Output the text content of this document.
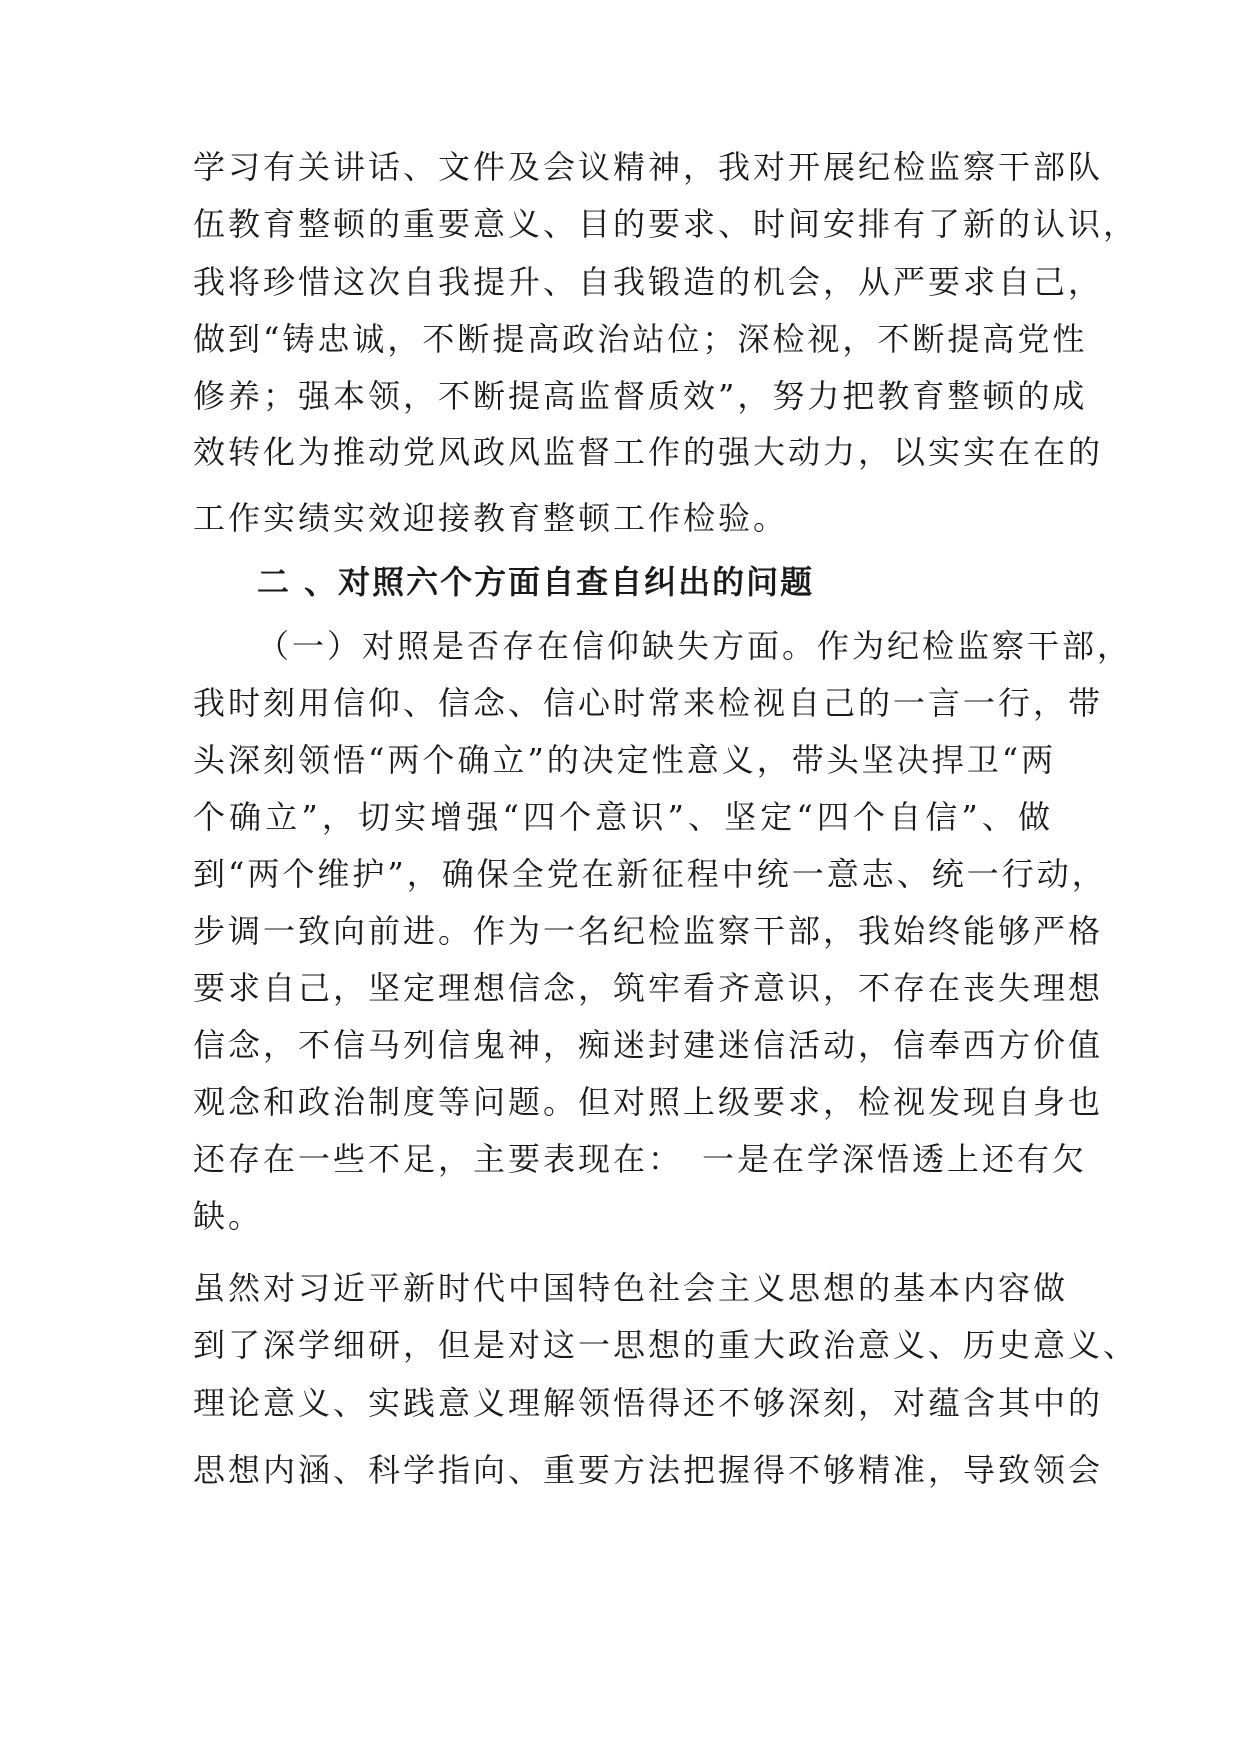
学习有关讲话、文件及会议精神，我对开展纪检监察干部队
伍教育整顿的重要意义、目的要求、时间安排有了新的认识，
我将珍惜这次自我提升、自我锻造的机会，从严要求自己，
做到“铸忠诚，不断提高政治站位；深检视，不断提高党性
修养；强本领，不断提高监督质效”，努力把教育整顿的成
效转化为推动党风政风监督工作的强大动力，以实实在在的
工作实绩实效迎接教育整顿工作检验。
二 、对照六个方面自查自纠出的问题
（一）对照是否存在信仰缺失方面。作为纪检监察干部，
我时刻用信仰、信念、信心时常来检视自己的一言一行，带
头深刻领悟“两个确立”的决定性意义，带头坚决捍卫“两
个确立”，切实增强“四个意识”、坚定“四个自信”、做
到“两个维护”，确保全党在新征程中统一意志、统一行动，
步调一致向前进。作为一名纪检监察干部，我始终能够严格
要求自己，坚定理想信念，筑牢看齐意识，不存在丧失理想
信念，不信马列信鬼神，痴迷封建迷信活动，信奉西方价值
观念和政治制度等问题。但对照上级要求，检视发现自身也
还存在一些不足，主要表现在：　一是在学深悟透上还有欠
缺。
虽然对习近平新时代中国特色社会主义思想的基本内容做
到了深学细研，但是对这一思想的重大政治意义、历史意义、
理论意义、实践意义理解领悟得还不够深刻，对蕴含其中的
思想内涵、科学指向、重要方法把握得不够精准，导致领会
